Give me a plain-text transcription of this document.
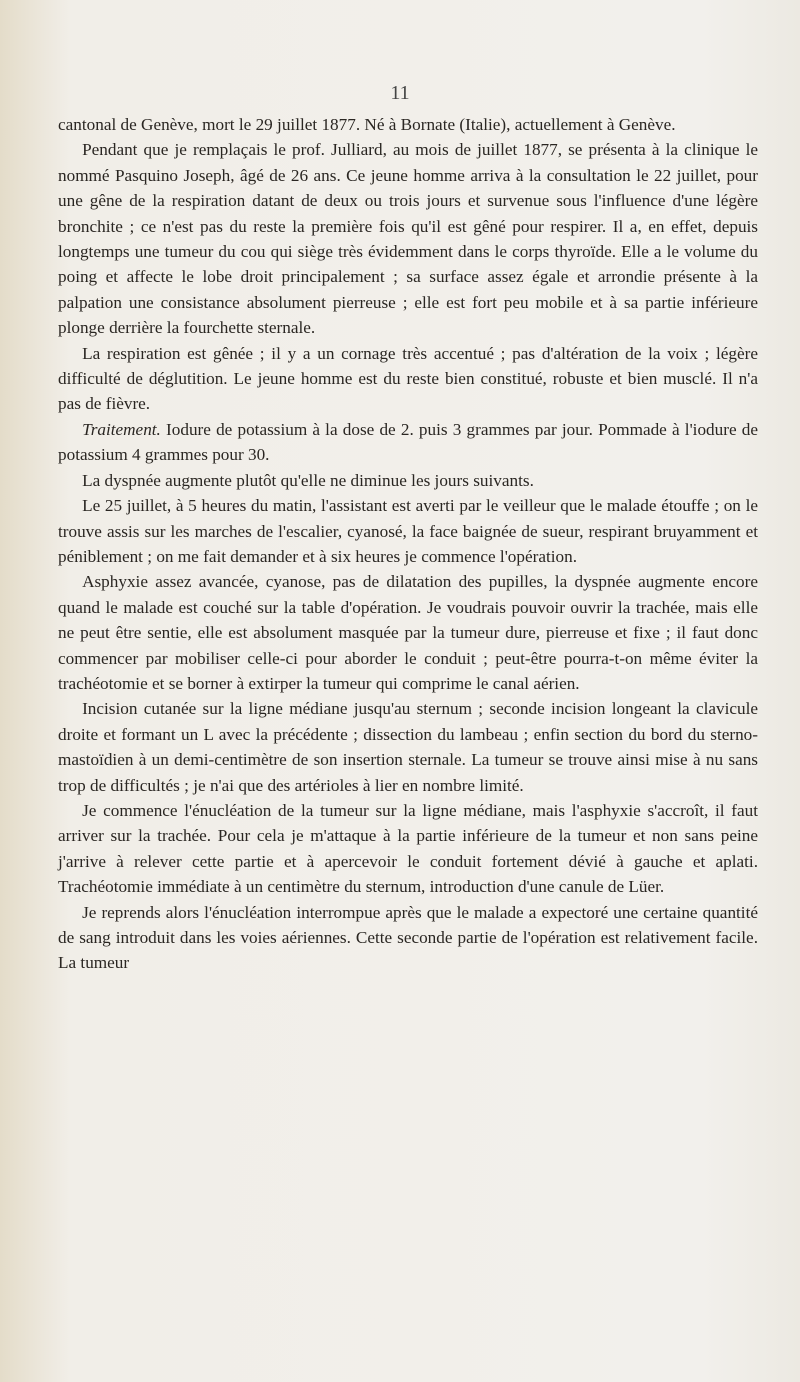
11

cantonal de Genève, mort le 29 juillet 1877. Né à Bornate (Italie), actuellement à Genève.

Pendant que je remplaçais le prof. Julliard, au mois de juillet 1877, se présenta à la clinique le nommé Pasquino Joseph, âgé de 26 ans. Ce jeune homme arriva à la consultation le 22 juillet, pour une gêne de la respiration datant de deux ou trois jours et survenue sous l'influence d'une légère bronchite ; ce n'est pas du reste la première fois qu'il est gêné pour respirer. Il a, en effet, depuis longtemps une tumeur du cou qui siège très évidemment dans le corps thyroïde. Elle a le volume du poing et affecte le lobe droit principalement ; sa surface assez égale et arrondie présente à la palpation une consistance absolument pierreuse ; elle est fort peu mobile et à sa partie inférieure plonge derrière la fourchette sternale.

La respiration est gênée ; il y a un cornage très accentué ; pas d'altération de la voix ; légère difficulté de déglutition. Le jeune homme est du reste bien constitué, robuste et bien musclé. Il n'a pas de fièvre.

Traitement. Iodure de potassium à la dose de 2. puis 3 grammes par jour. Pommade à l'iodure de potassium 4 grammes pour 30.

La dyspnée augmente plutôt qu'elle ne diminue les jours suivants.

Le 25 juillet, à 5 heures du matin, l'assistant est averti par le veilleur que le malade étouffe ; on le trouve assis sur les marches de l'escalier, cyanosé, la face baignée de sueur, respirant bruyamment et péniblement ; on me fait demander et à six heures je commence l'opération.

Asphyxie assez avancée, cyanose, pas de dilatation des pupilles, la dyspnée augmente encore quand le malade est couché sur la table d'opération. Je voudrais pouvoir ouvrir la trachée, mais elle ne peut être sentie, elle est absolument masquée par la tumeur dure, pierreuse et fixe ; il faut donc commencer par mobiliser celle-ci pour aborder le conduit ; peut-être pourra-t-on même éviter la trachéotomie et se borner à extirper la tumeur qui comprime le canal aérien.

Incision cutanée sur la ligne médiane jusqu'au sternum ; seconde incision longeant la clavicule droite et formant un L avec la précédente ; dissection du lambeau ; enfin section du bord du sterno-mastoïdien à un demi-centimètre de son insertion sternale. La tumeur se trouve ainsi mise à nu sans trop de difficultés ; je n'ai que des artérioles à lier en nombre limité.

Je commence l'énucléation de la tumeur sur la ligne médiane, mais l'asphyxie s'accroît, il faut arriver sur la trachée. Pour cela je m'attaque à la partie inférieure de la tumeur et non sans peine j'arrive à relever cette partie et à apercevoir le conduit fortement dévié à gauche et aplati. Trachéotomie immédiate à un centimètre du sternum, introduction d'une canule de Lüer.

Je reprends alors l'énucléation interrompue après que le malade a expectoré une certaine quantité de sang introduit dans les voies aériennes. Cette seconde partie de l'opération est relativement facile. La tumeur
